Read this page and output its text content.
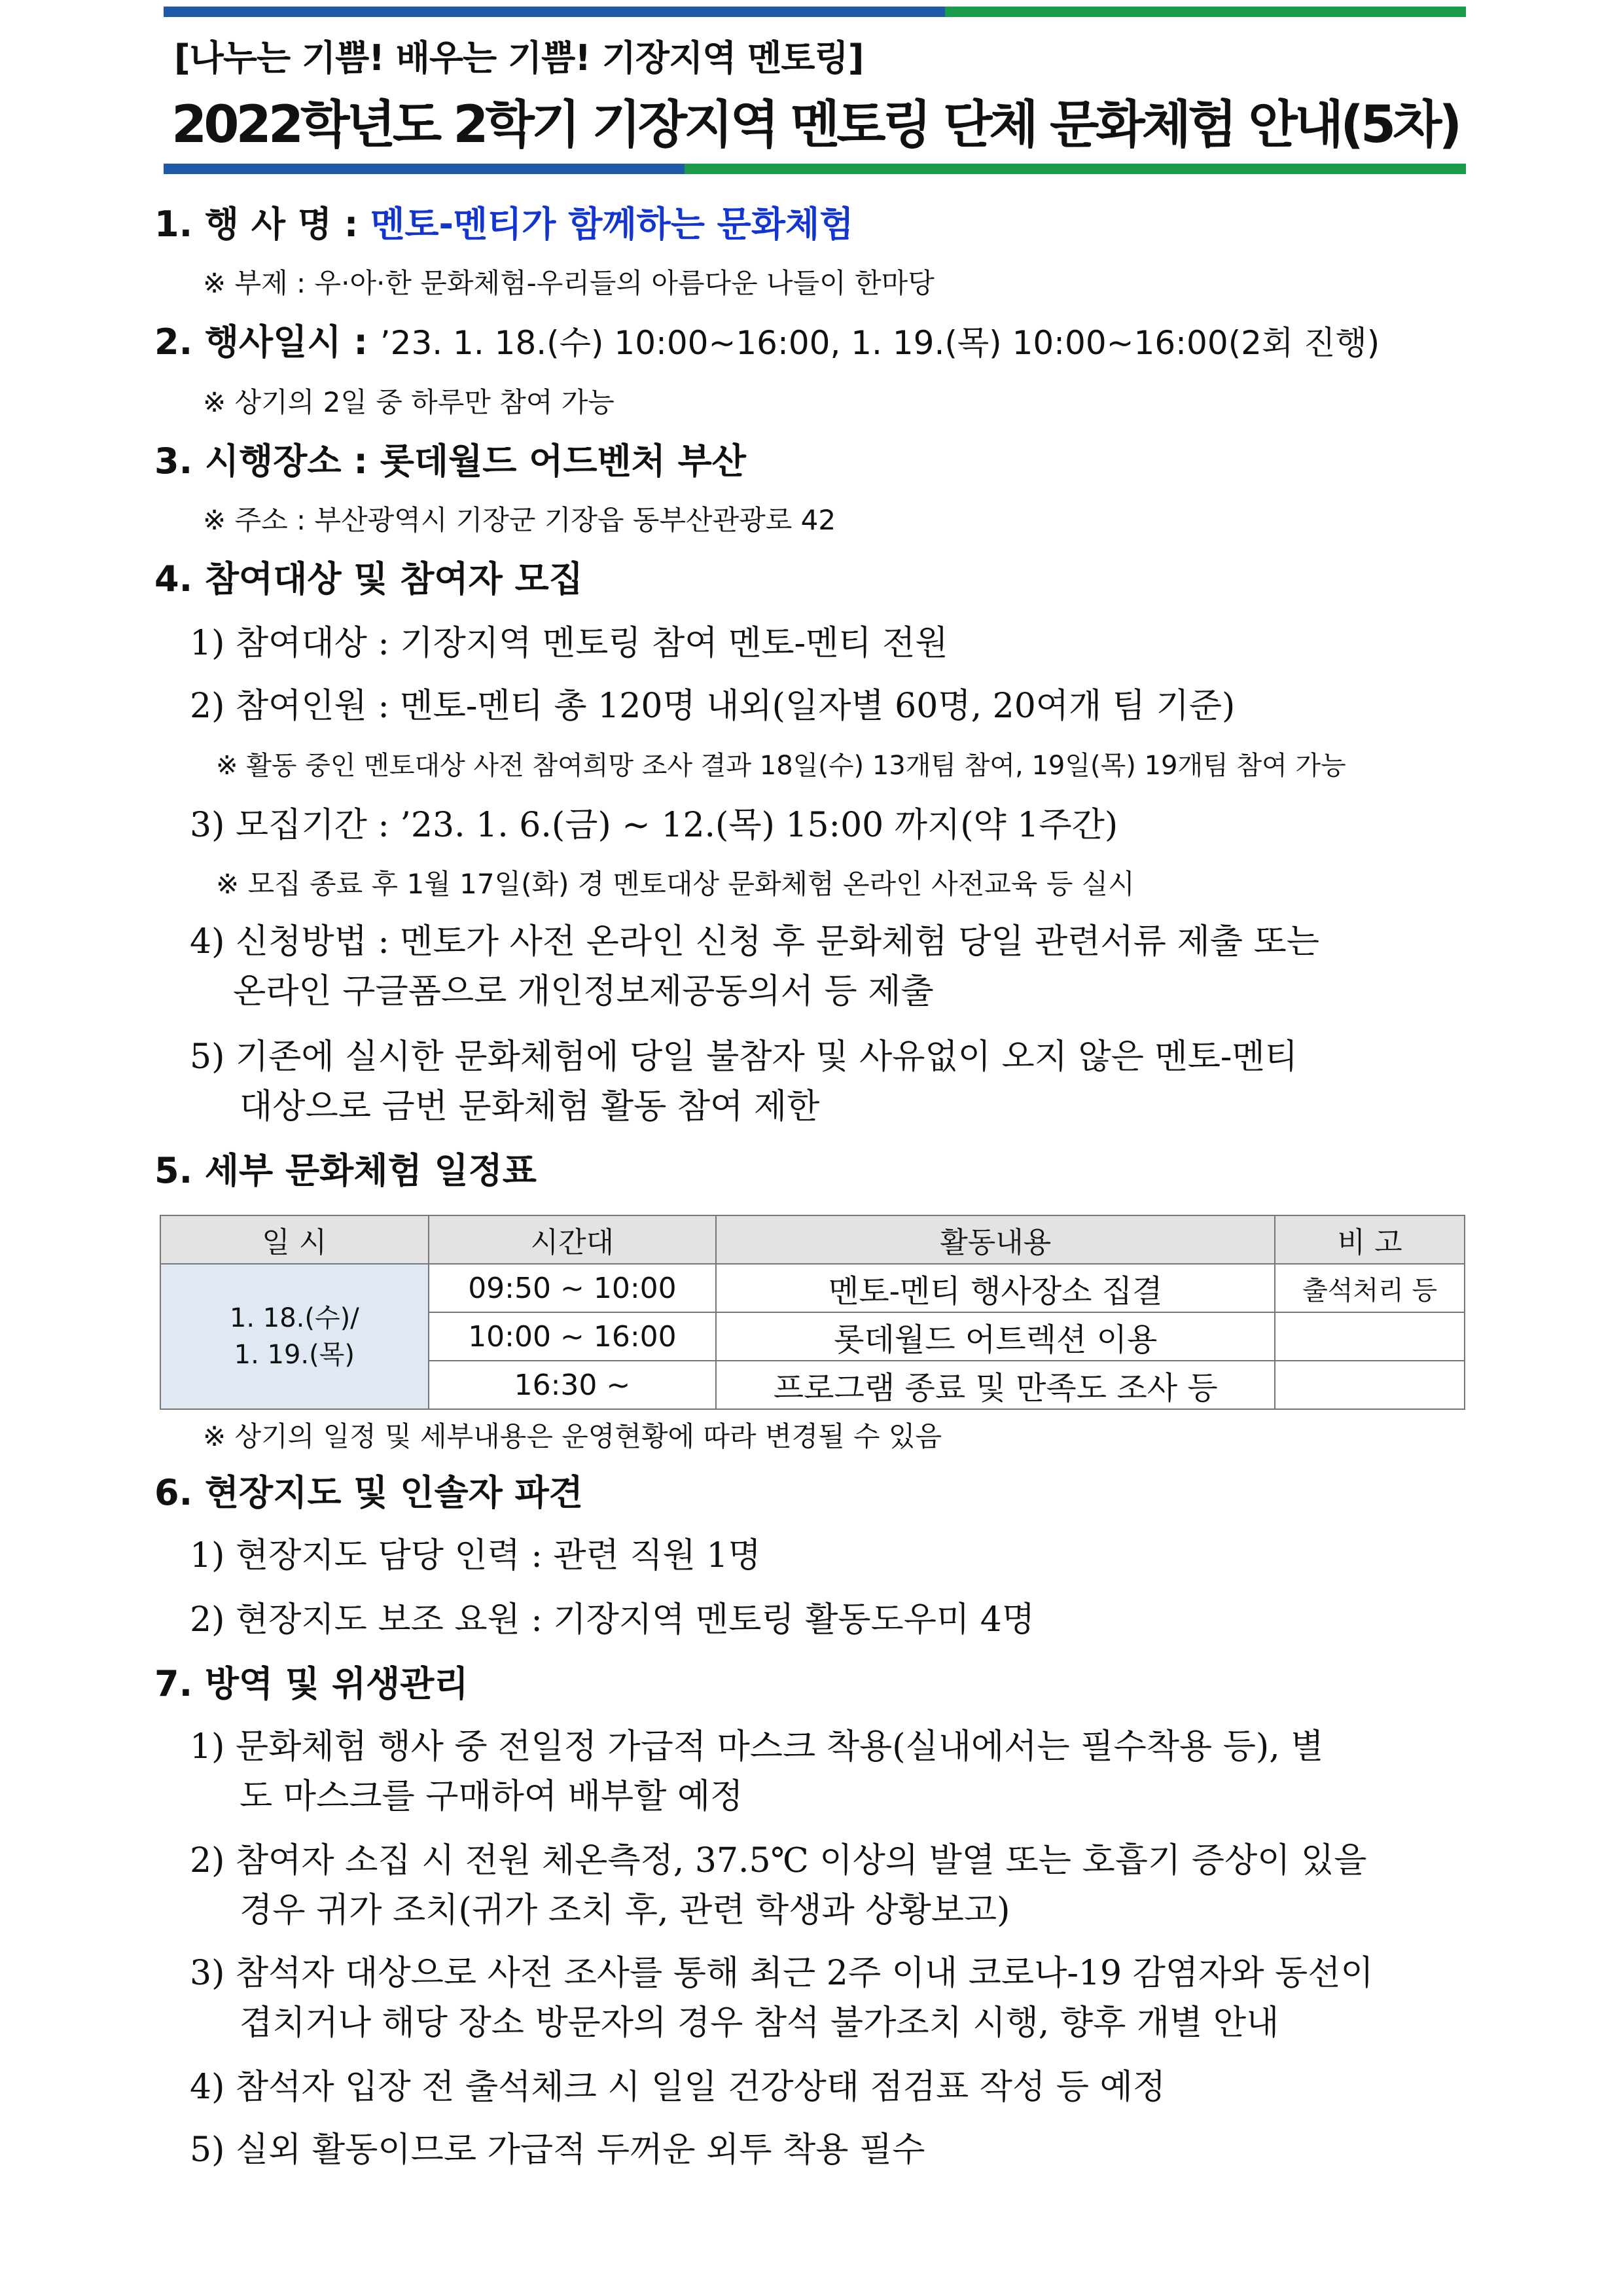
[나누는 기쁨! 배우는 기쁨! 기장지역 멘토링]
2022학년도 2학기 기장지역 멘토링 단체 문화체험 안내(5차)
1. 행 사 명 : 멘토-멘티가 함께하는 문화체험
※ 부제 : 우·아·한 문화체험-우리들의 아름다운 나들이 한마당
2. 행사일시 : ’23. 1. 18.(수) 10:00~16:00, 1. 19.(목) 10:00~16:00(2회 진행)
※ 상기의 2일 중 하루만 참여 가능
3. 시행장소 : 롯데월드 어드벤처 부산
※ 주소 : 부산광역시 기장군 기장읍 동부산관광로 42
4. 참여대상 및 참여자 모집
1) 참여대상 : 기장지역 멘토링 참여 멘토-멘티 전원
2) 참여인원 : 멘토-멘티 총 120명 내외(일자별 60명, 20여개 팀 기준)
※ 활동 중인 멘토대상 사전 참여희망 조사 결과 18일(수) 13개팀 참여, 19일(목) 19개팀 참여 가능
3) 모집기간 : ’23. 1. 6.(금) ~ 12.(목) 15:00 까지(약 1주간)
※ 모집 종료 후 1월 17일(화) 경 멘토대상 문화체험 온라인 사전교육 등 실시
4) 신청방법 : 멘토가 사전 온라인 신청 후 문화체험 당일 관련서류 제출 또는
온라인 구글폼으로 개인정보제공동의서 등 제출
5) 기존에 실시한 문화체험에 당일 불참자 및 사유없이 오지 않은 멘토-멘티
대상으로 금번 문화체험 활동 참여 제한
5. 세부 문화체험 일정표
일 시	시간대	활동내용	비 고

1. 18.(수)/
1. 19.(목)	09:50 ~ 10:00	멘토-멘티 행사장소 집결	출석처리 등
	10:00 ~ 16:00	롯데월드 어트렉션 이용	
	16:30 ~	프로그램 종료 및 만족도 조사 등	
※ 상기의 일정 및 세부내용은 운영현황에 따라 변경될 수 있음
6. 현장지도 및 인솔자 파견
1) 현장지도 담당 인력 : 관련 직원 1명
2) 현장지도 보조 요원 : 기장지역 멘토링 활동도우미 4명
7. 방역 및 위생관리
1) 문화체험 행사 중 전일정 가급적 마스크 착용(실내에서는 필수착용 등), 별
도 마스크를 구매하여 배부할 예정
2) 참여자 소집 시 전원 체온측정, 37.5℃ 이상의 발열 또는 호흡기 증상이 있을
경우 귀가 조치(귀가 조치 후, 관련 학생과 상황보고)
3) 참석자 대상으로 사전 조사를 통해 최근 2주 이내 코로나-19 감염자와 동선이
겹치거나 해당 장소 방문자의 경우 참석 불가조치 시행, 향후 개별 안내
4) 참석자 입장 전 출석체크 시 일일 건강상태 점검표 작성 등 예정
5) 실외 활동이므로 가급적 두꺼운 외투 착용 필수
